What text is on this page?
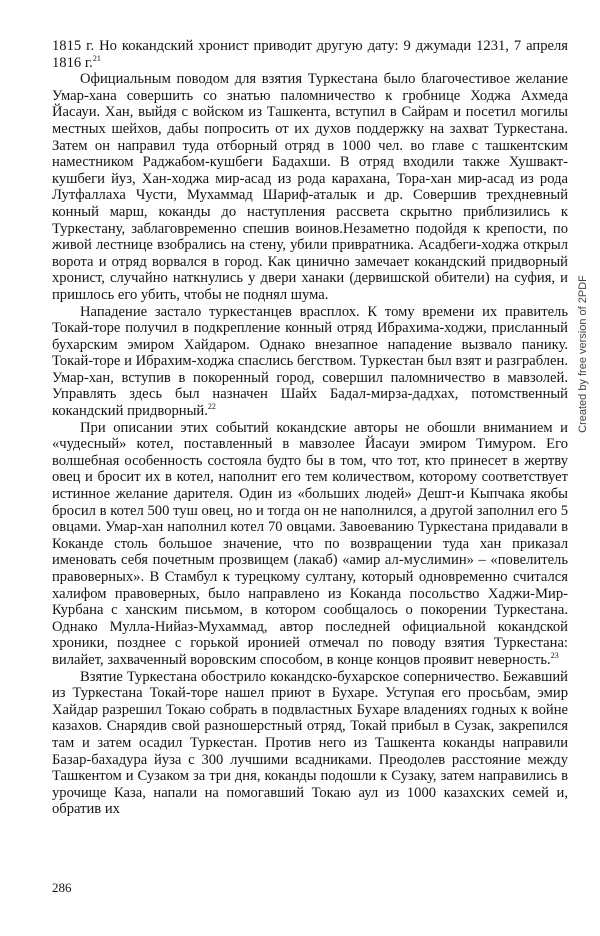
1815 г. Но кокандский хронист приводит другую дату: 9 джумади 1231, 7 апреля 1816 г.$^{21}$

Официальным поводом для взятия Туркестана было благочестивое желание Умар-хана совершить со знатью паломничество к гробнице Ходжа Ахмеда Йасауи. Хан, выйдя с войском из Ташкента, вступил в Сайрам и посетил могилы местных шейхов, дабы попросить от их духов поддержку на захват Туркестана. Затем он направил туда отборный отряд в 1000 чел. во главе с ташкентским наместником Раджабом-кушбеги Бадахши. В отряд входили также Хушвакт-кушбеги йуз, Хан-ходжа мир-асад из рода карахана, Тора-хан мир-асад из рода Лутфаллаха Чусти, Мухаммад Шариф-аталык и др. Совершив трехдневный конный марш, коканды до наступления рассвета скрытно приблизились к Туркестану, заблаговременно спешив воинов.Незаметно подойдя к крепости, по живой лестнице взобрались на стену, убили привратника. Асадбеги-ходжа открыл ворота и отряд ворвался в город. Как цинично замечает кокандский придворный хронист, случайно наткнулись у двери ханаки (дервишской обители) на суфия, и пришлось его убить, чтобы не поднял шума.

Нападение застало туркестанцев врасплох. К тому времени их правитель Токай-торе получил в подкрепление конный отряд Ибрахима-ходжи, присланный бухарским эмиром Хайдаром. Однако внезапное нападение вызвало панику. Токай-торе и Ибрахим-ходжа спаслись бегством. Туркестан был взят и разграблен. Умар-хан, вступив в покоренный город, совершил паломничество в мавзолей. Управлять здесь был назначен Шайх Бадал-мирза-дадхах, потомственный кокандский придворный.$^{22}$

При описании этих событий кокандские авторы не обошли вниманием и «чудесный» котел, поставленный в мавзолее Йасауи эмиром Тимуром. Его волшебная особенность состояла будто бы в том, что тот, кто принесет в жертву овец и бросит их в котел, наполнит его тем количеством, которому соответствует истинное желание дарителя. Один из «больших людей» Дешт-и Кыпчака якобы бросил в котел 500 туш овец, но и тогда он не наполнился, а другой заполнил его 5 овцами. Умар-хан наполнил котел 70 овцами. Завоеванию Туркестана придавали в Коканде столь большое значение, что по возвращении туда хан приказал именовать себя почетным прозвищем (лакаб) «амир ал-муслимин» – «повелитель правоверных». В Стамбул к турецкому султану, который одновременно считался халифом правоверных, было направлено из Коканда посольство Хаджи-Мир-Курбана с ханским письмом, в котором сообщалось о покорении Туркестана. Однако Мулла-Нийаз-Мухаммад, автор последней официальной кокандской хроники, позднее с горькой иронией отмечал по поводу взятия Туркестана: вилайет, захваченный воровским способом, в конце концов проявит неверность.$^{23}$

Взятие Туркестана обострило кокандско-бухарское соперничество. Бежавший из Туркестана Токай-торе нашел приют в Бухаре. Уступая его просьбам, эмир Хайдар разрешил Токаю собрать в подвластных Бухаре владениях годных к войне казахов. Снарядив свой разношерстный отряд, Токай прибыл в Сузак, закрепился там и затем осадил Туркестан. Против него из Ташкента коканды направили Базар-бахадура йуза с 300 лучшими всадниками. Преодолев расстояние между Ташкентом и Сузаком за три дня, коканды подошли к Сузаку, затем направились в урочище Каза, напали на помогавший Токаю аул из 1000 казахских семей и, обратив их

286
Created by free version of 2PDF
